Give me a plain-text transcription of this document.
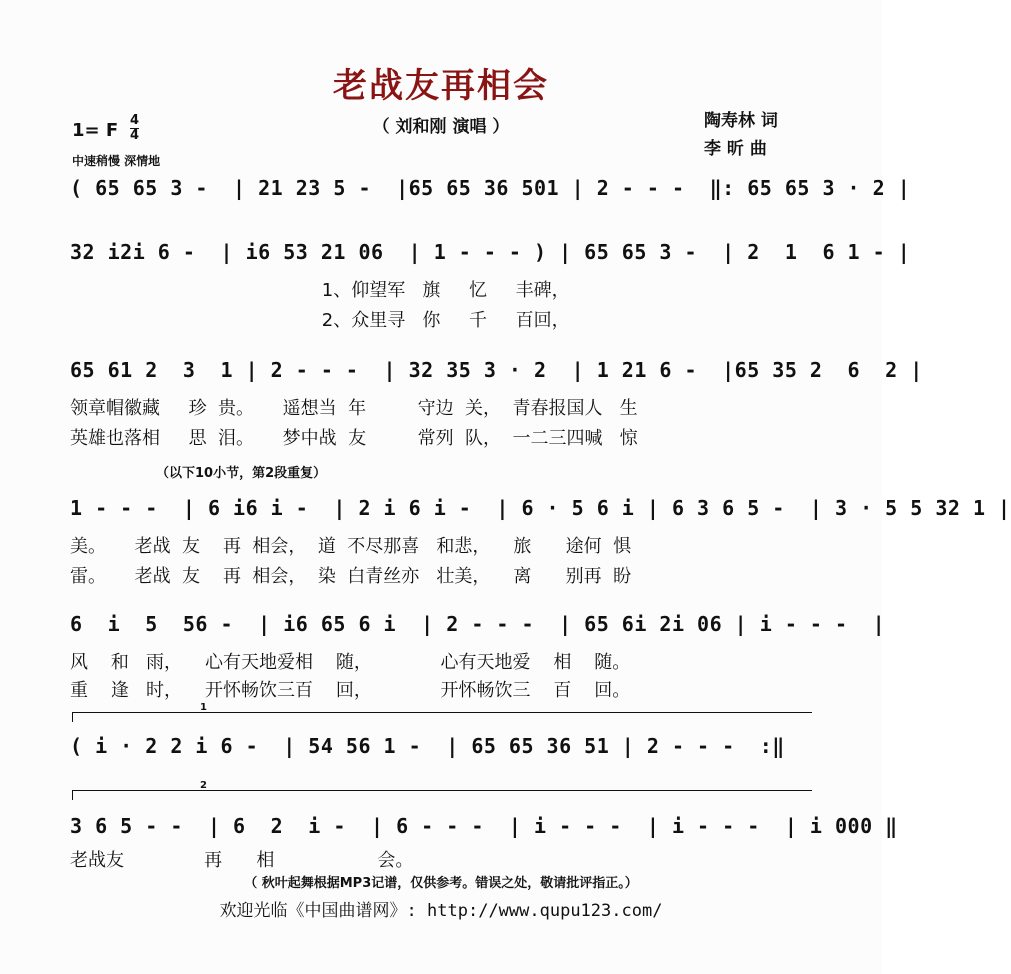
老战友再相会
（ 刘和刚 演唱 ）	陶寿林 词
李 昕 曲
1= F $\frac{4}{4}$
中速稍慢 深情地
( 65 65 3 -  | 21 23 5 -  |65 65 36 501 | 2 - - -  ‖: 65 65 3 · 2 |
32 i2i 6 -  | i6 53 21 06  | 1 - - - ) | 65 65 3 -  | 2  1  6 1 - |
1、仰望军   旗     忆     丰碑，
2、众里寻   你     千     百回，
65 61 2  3  1 | 2 - - -  | 32 35 3 · 2  | 1 21 6 -  |65 35 2  6  2 |
领章帽徽藏     珍  贵。     遥想当  年         守边  关，  青春报国人   生
英雄也落相     思  泪。     梦中战  友         常列  队，  一二三四喊   惊
（以下10小节，第2段重复）
1 - - -  | 6 i6 i -  | 2 i 6 i -  | 6 · 5 6 i | 6 3 6 5 -  | 3 · 5 5 32 1 |
美。     老战  友    再  相会，  道  不尽那喜   和悲，    旅      途何  惧
雷。     老战  友    再  相会，  染  白青丝亦   壮美，    离      别再  盼
6  i  5  56 -  | i6 65 6 i  | 2 - - -  | 65 6i 2i 06 | i - - -  |
风    和   雨，    心有天地爱相    随，            心有天地爱    相    随。
重    逢   时，    开怀畅饮三百    回，            开怀畅饮三    百    回。
1
( i · 2 2 i 6 -  | 54 56 1 -  | 65 65 36 51 | 2 - - -  :‖
2
3 6 5 - -  | 6  2  i -  | 6 - - -  | i - - -  | i - - -  | i 000 ‖
老战友              再      相                  会。
（ 秋叶起舞根据MP3记谱，仅供参考。错误之处，敬请批评指正。）
欢迎光临《中国曲谱网》: http://www.qupu123.com/
